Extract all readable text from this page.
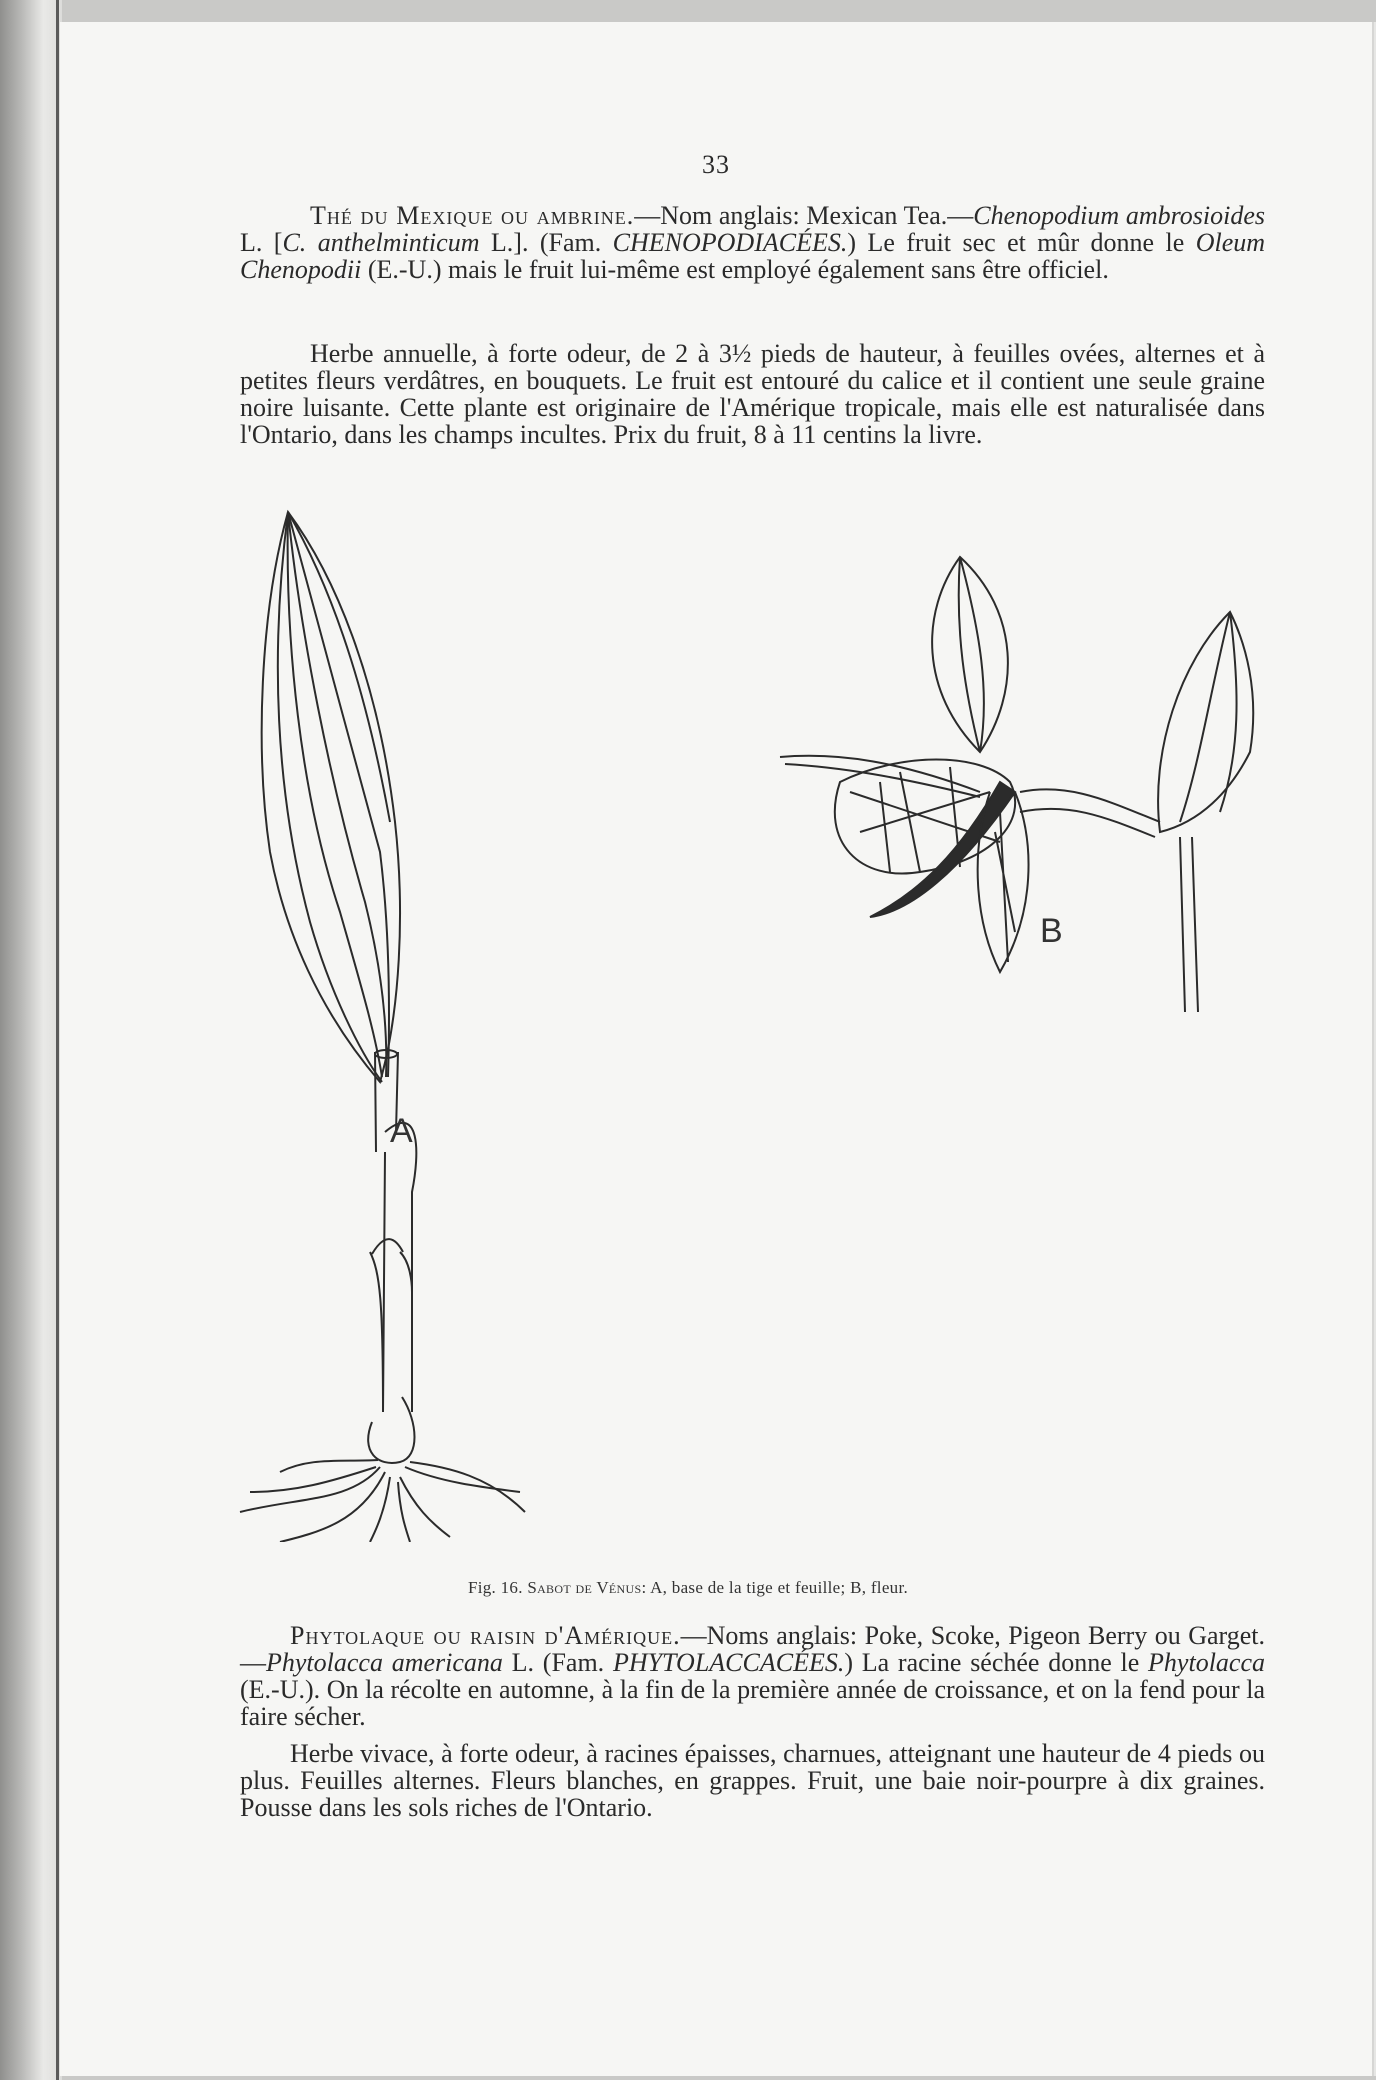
33

Thé du Mexique ou ambrine.—Nom anglais: Mexican Tea.—Chenopodium ambrosioides L. [C. anthelminticum L.]. (Fam. CHENOPODIACÉES.) Le fruit sec et mûr donne le Oleum Chenopodii (E.-U.) mais le fruit lui-même est employé également sans être officiel.

Herbe annuelle, à forte odeur, de 2 à 3½ pieds de hauteur, à feuilles ovées, alternes et à petites fleurs verdâtres, en bouquets. Le fruit est entouré du calice et il contient une seule graine noire luisante. Cette plante est originaire de l'Amérique tropicale, mais elle est naturalisée dans l'Ontario, dans les champs incultes. Prix du fruit, 8 à 11 centins la livre.

A
B
Fig. 16. Sabot de Vénus: A, base de la tige et feuille; B, fleur.

Phytolaque ou raisin d'Amérique.—Noms anglais: Poke, Scoke, Pigeon Berry ou Garget.—Phytolacca americana L. (Fam. PHYTOLACCACÉES.) La racine séchée donne le Phytolacca (E.-U.). On la récolte en automne, à la fin de la première année de croissance, et on la fend pour la faire sécher.

Herbe vivace, à forte odeur, à racines épaisses, charnues, atteignant une hauteur de 4 pieds ou plus. Feuilles alternes. Fleurs blanches, en grappes. Fruit, une baie noir-pourpre à dix graines. Pousse dans les sols riches de l'Ontario.
